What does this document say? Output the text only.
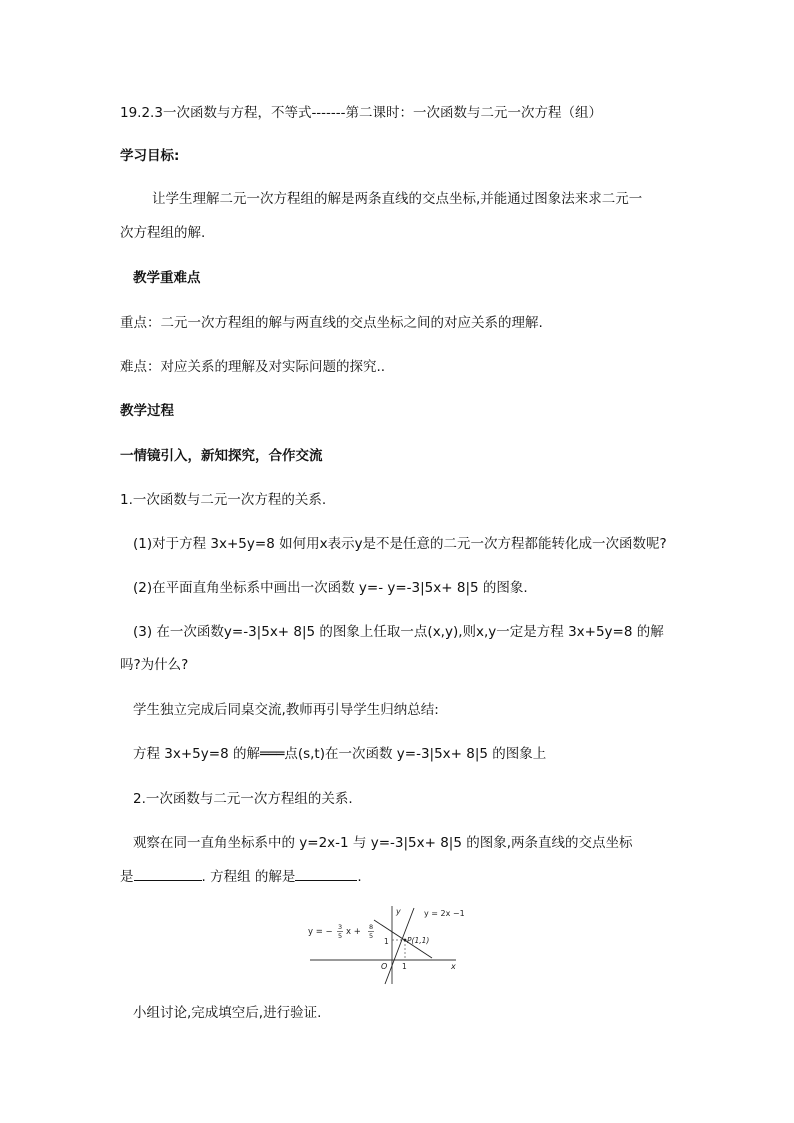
19.2.3一次函数与方程，不等式-------第二课时：一次函数与二元一次方程（组）
学习目标:
让学生理解二元一次方程组的解是两条直线的交点坐标,并能通过图象法来求二元一
次方程组的解.
教学重难点
重点：二元一次方程组的解与两直线的交点坐标之间的对应关系的理解.
难点：对应关系的理解及对实际问题的探究..
教学过程
一情镜引入，新知探究，合作交流
1.一次函数与二元一次方程的关系.
(1)对于方程 3x+5y=8 如何用x表示y是不是任意的二元一次方程都能转化成一次函数呢?
(2)在平面直角坐标系中画出一次函数 y=- y=-3|5x+ 8|5 的图象.
(3) 在一次函数y=-3|5x+ 8|5 的图象上任取一点(x,y),则x,y一定是方程 3x+5y=8 的解
吗?为什么?
学生独立完成后同桌交流,教师再引导学生归纳总结:
方程 3x+5y=8 的解═══点(s,t)在一次函数 y=-3|5x+ 8|5 的图象上
2.一次函数与二元一次方程组的关系.
观察在同一直角坐标系中的 y=2x-1 与 y=-3|5x+ 8|5 的图象,两条直线的交点坐标
是	. 方程组 的解是	.
y = − 3
5 x + 8
5
y = 2x −1
y
x
O 1
1 P(1,1)
小组讨论,完成填空后,进行验证.
